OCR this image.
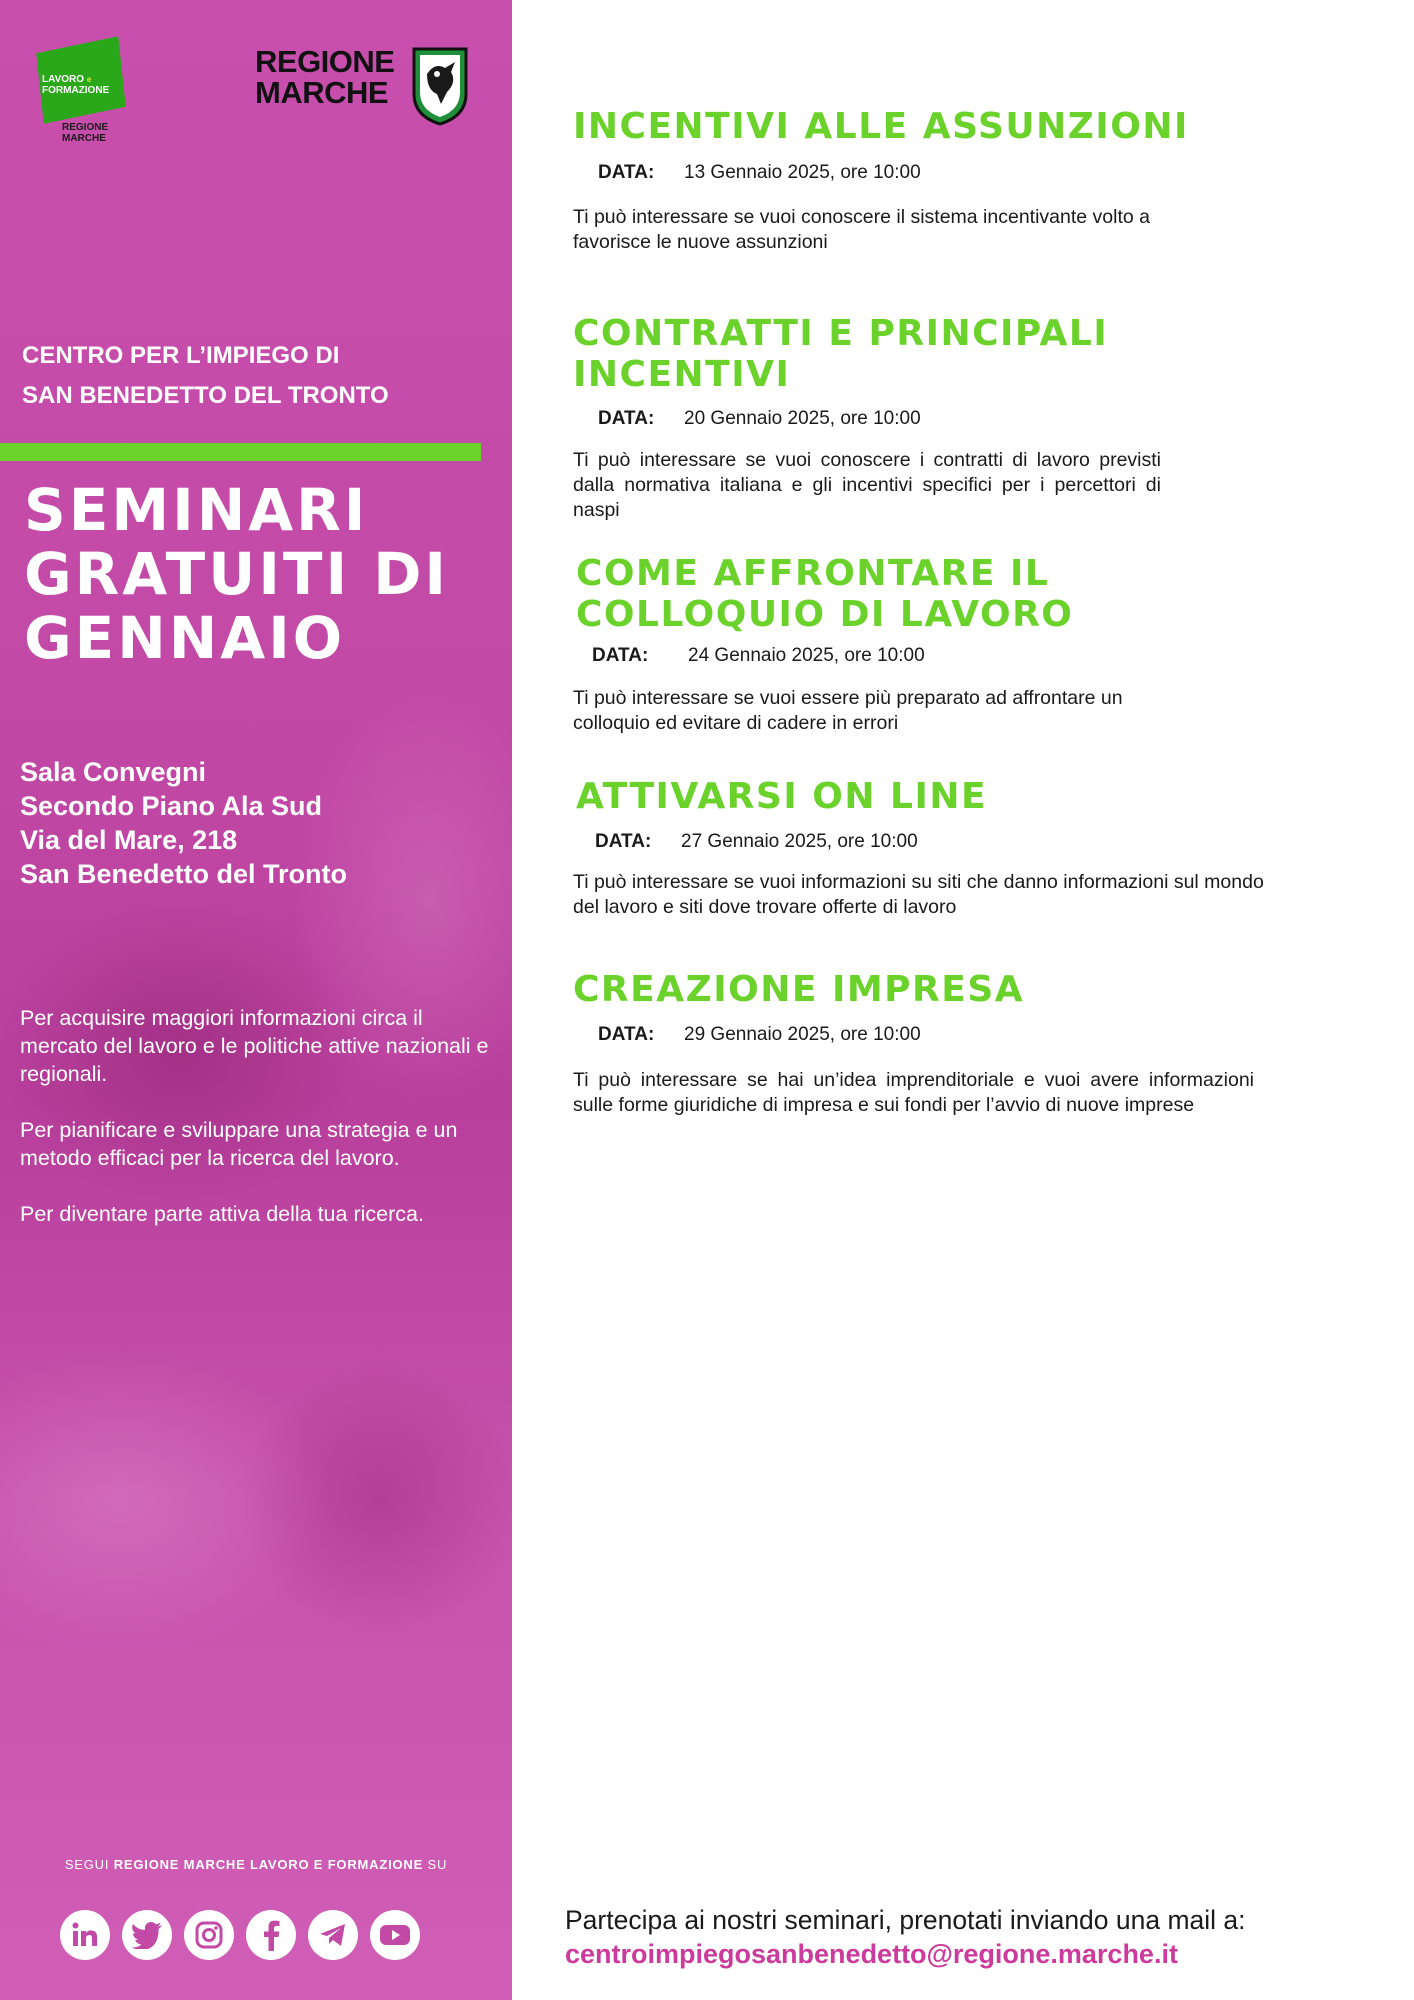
LAVORO e
FORMAZIONE
REGIONE
MARCHE
REGIONE
MARCHE
CENTRO PER L’IMPIEGO DI
SAN BENEDETTO DEL TRONTO
SEMINARI
GRATUITI DI
GENNAIO
Sala Convegni
Secondo Piano Ala Sud
Via del Mare, 218
San Benedetto del Tronto

Per acquisire maggiori informazioni circa il mercato del lavoro e le politiche attive nazionali e regionali.

Per pianificare e sviluppare una strategia e un metodo efficaci per la ricerca del lavoro.

Per diventare parte attiva della tua ricerca.

SEGUI REGIONE MARCHE LAVORO E FORMAZIONE SU
INCENTIVI ALLE ASSUNZIONI
DATA: 13 Gennaio 2025, ore 10:00
Ti può interessare se vuoi conoscere il sistema incentivante volto a favorisce le nuove assunzioni
CONTRATTI E PRINCIPALI
INCENTIVI
DATA: 20 Gennaio 2025, ore 10:00
Ti può interessare se vuoi conoscere i contratti di lavoro previsti dalla normativa italiana e gli incentivi specifici per i percettori di naspi
COME AFFRONTARE IL
COLLOQUIO DI LAVORO
DATA: 24 Gennaio 2025, ore 10:00
Ti può interessare se vuoi essere più preparato ad affrontare un colloquio ed evitare di cadere in errori
ATTIVARSI ON LINE
DATA: 27 Gennaio 2025, ore 10:00
Ti può interessare se vuoi informazioni su siti che danno informazioni sul mondo del lavoro e siti dove trovare offerte di lavoro
CREAZIONE IMPRESA
DATA: 29 Gennaio 2025, ore 10:00
Ti può interessare se hai un’idea imprenditoriale e vuoi avere informazioni sulle forme giuridiche di impresa e sui fondi per l’avvio di nuove imprese
Partecipa ai nostri seminari, prenotati inviando una mail a:
centroimpiegosanbenedetto@regione.marche.it
